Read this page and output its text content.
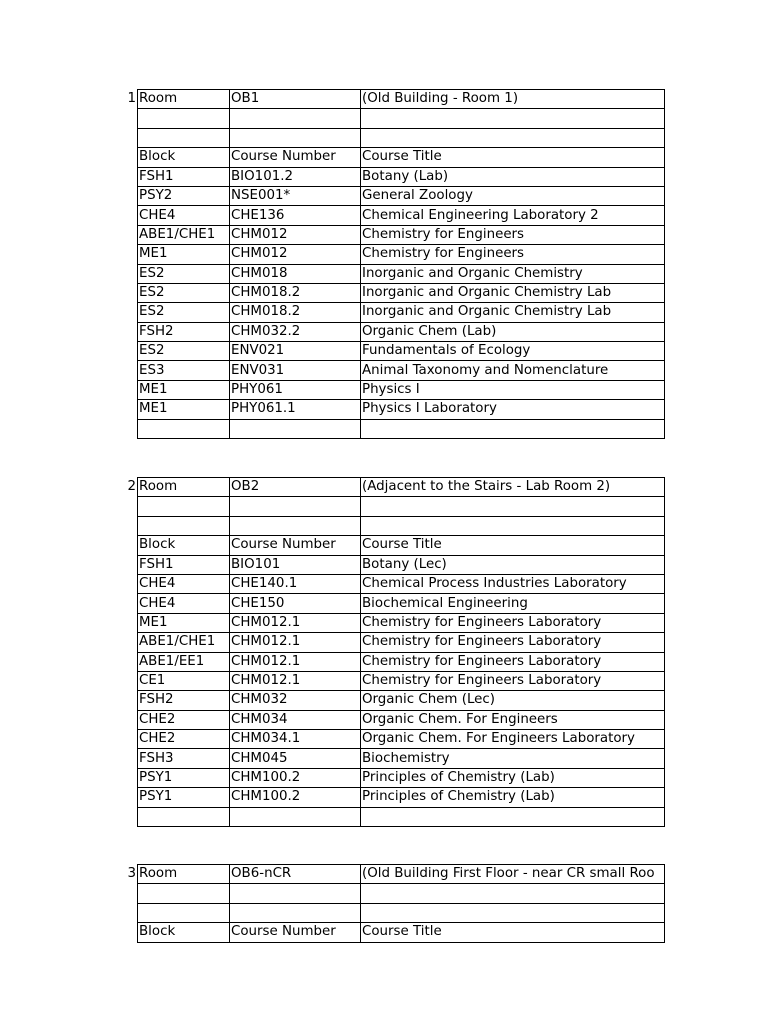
1 Room	OB1	(Old Building - Room 1)

Block	Course Number	Course Title
FSH1	BIO101.2	Botany (Lab)
PSY2	NSE001*	General Zoology
CHE4	CHE136	Chemical Engineering Laboratory 2
ABE1/CHE1	CHM012	Chemistry for Engineers
ME1	CHM012	Chemistry for Engineers
ES2	CHM018	Inorganic and Organic Chemistry
ES2	CHM018.2	Inorganic and Organic Chemistry Lab
ES2	CHM018.2	Inorganic and Organic Chemistry Lab
FSH2	CHM032.2	Organic Chem (Lab)
ES2	ENV021	Fundamentals of Ecology
ES3	ENV031	Animal Taxonomy and Nomenclature
ME1	PHY061	Physics I
ME1	PHY061.1	Physics I Laboratory

2 Room	OB2	(Adjacent to the Stairs - Lab Room 2)

Block	Course Number	Course Title
FSH1	BIO101	Botany (Lec)
CHE4	CHE140.1	Chemical Process Industries Laboratory
CHE4	CHE150	Biochemical Engineering
ME1	CHM012.1	Chemistry for Engineers Laboratory
ABE1/CHE1	CHM012.1	Chemistry for Engineers Laboratory
ABE1/EE1	CHM012.1	Chemistry for Engineers Laboratory
CE1	CHM012.1	Chemistry for Engineers Laboratory
FSH2	CHM032	Organic Chem (Lec)
CHE2	CHM034	Organic Chem. For Engineers
CHE2	CHM034.1	Organic Chem. For Engineers Laboratory
FSH3	CHM045	Biochemistry
PSY1	CHM100.2	Principles of Chemistry (Lab)
PSY1	CHM100.2	Principles of Chemistry (Lab)

3 Room	OB6-nCR	(Old Building First Floor - near CR small Roo

Block	Course Number	Course Title
